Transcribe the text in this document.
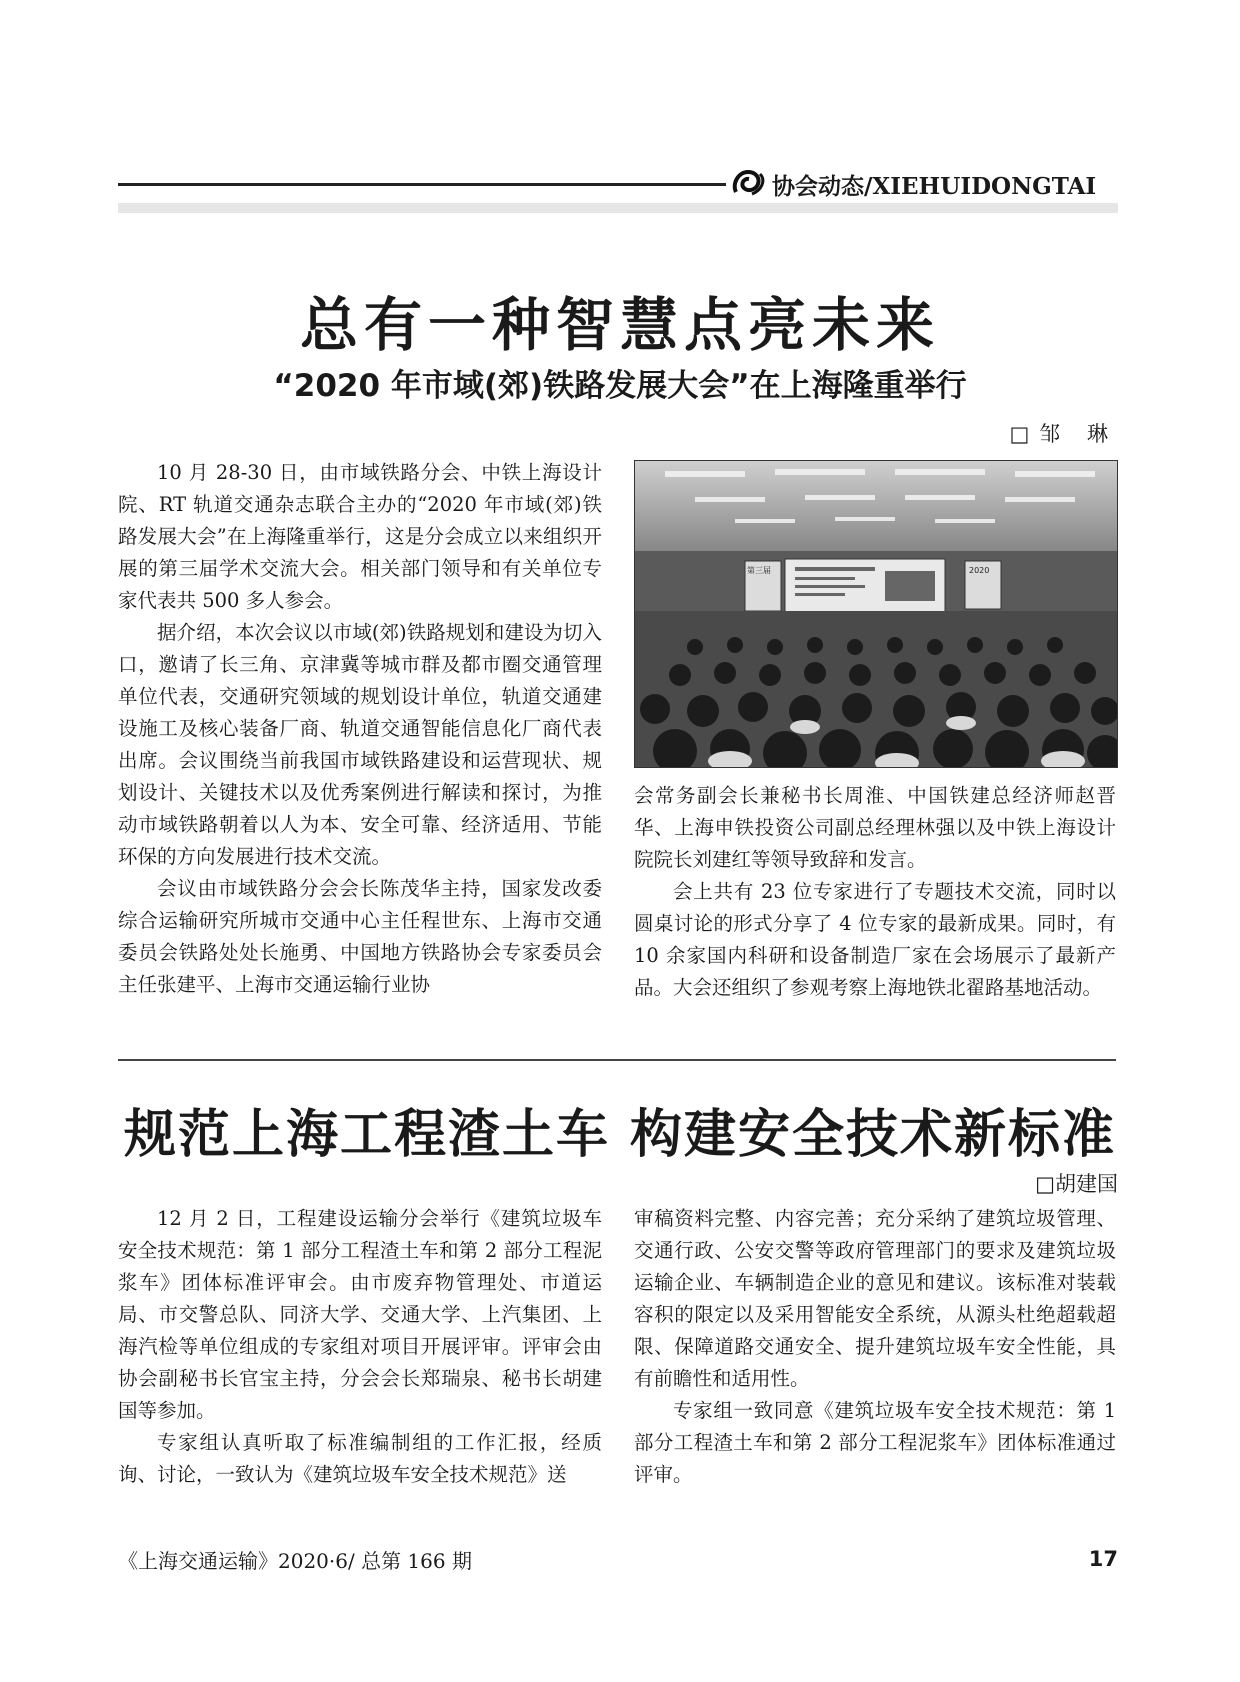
协会动态/XIEHUIDONGTAI
总有一种智慧点亮未来
“2020 年市域(郊)铁路发展大会”在上海隆重举行
□邹 琳

10 月 28-30 日，由市域铁路分会、中铁上海设计院、RT 轨道交通杂志联合主办的“2020 年市域(郊)铁路发展大会”在上海隆重举行，这是分会成立以来组织开展的第三届学术交流大会。相关部门领导和有关单位专家代表共 500 多人参会。

据介绍，本次会议以市域(郊)铁路规划和建设为切入口，邀请了长三角、京津冀等城市群及都市圈交通管理单位代表，交通研究领域的规划设计单位，轨道交通建设施工及核心装备厂商、轨道交通智能信息化厂商代表出席。会议围绕当前我国市域铁路建设和运营现状、规划设计、关键技术以及优秀案例进行解读和探讨，为推动市域铁路朝着以人为本、安全可靠、经济适用、节能环保的方向发展进行技术交流。

会议由市域铁路分会会长陈茂华主持，国家发改委综合运输研究所城市交通中心主任程世东、上海市交通委员会铁路处处长施勇、中国地方铁路协会专家委员会主任张建平、上海市交通运输行业协

第三届	2020

会常务副会长兼秘书长周淮、中国铁建总经济师赵晋华、上海申铁投资公司副总经理林强以及中铁上海设计院院长刘建红等领导致辞和发言。

会上共有 23 位专家进行了专题技术交流，同时以圆桌讨论的形式分享了 4 位专家的最新成果。同时，有 10 余家国内科研和设备制造厂家在会场展示了最新产品。大会还组织了参观考察上海地铁北翟路基地活动。

规范上海工程渣土车 构建安全技术新标准
□胡建国

12 月 2 日，工程建设运输分会举行《建筑垃圾车安全技术规范：第 1 部分工程渣土车和第 2 部分工程泥浆车》团体标准评审会。由市废弃物管理处、市道运局、市交警总队、同济大学、交通大学、上汽集团、上海汽检等单位组成的专家组对项目开展评审。评审会由协会副秘书长官宝主持，分会会长郑瑞泉、秘书长胡建国等参加。

专家组认真听取了标准编制组的工作汇报，经质询、讨论，一致认为《建筑垃圾车安全技术规范》送

审稿资料完整、内容完善；充分采纳了建筑垃圾管理、交通行政、公安交警等政府管理部门的要求及建筑垃圾运输企业、车辆制造企业的意见和建议。该标准对装载容积的限定以及采用智能安全系统，从源头杜绝超载超限、保障道路交通安全、提升建筑垃圾车安全性能，具有前瞻性和适用性。

专家组一致同意《建筑垃圾车安全技术规范：第 1 部分工程渣土车和第 2 部分工程泥浆车》团体标准通过评审。

《上海交通运输》2020·6/ 总第 166 期	17
